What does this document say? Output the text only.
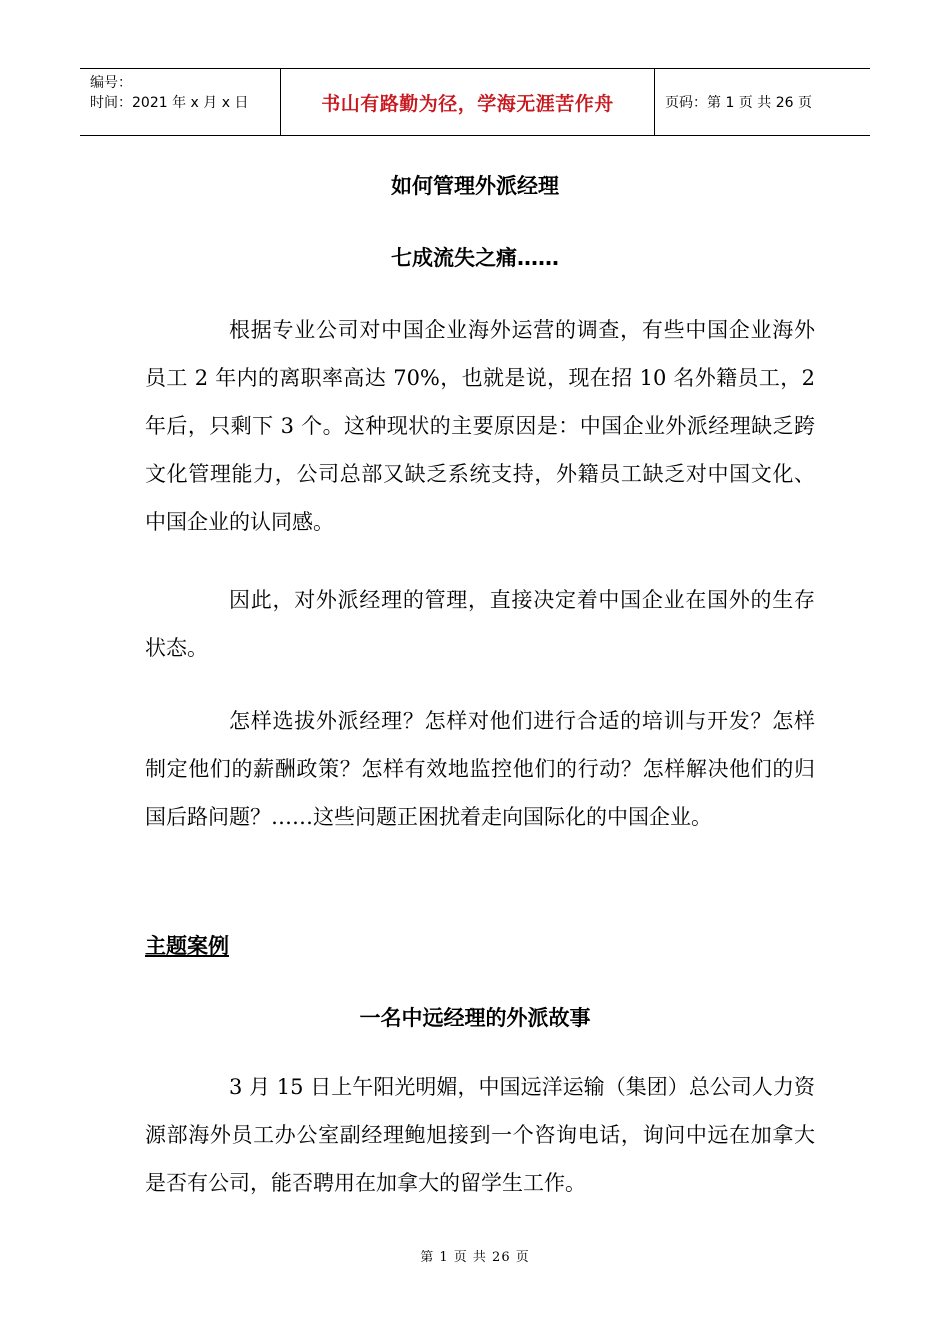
编号：
时间：2021 年 x 月 x 日	书山有路勤为径，学海无涯苦作舟	页码：第 1 页 共 26 页
如何管理外派经理
七成流失之痛……

根据专业公司对中国企业海外运营的调查，有些中国企业海外员工 2 年内的离职率高达 70%，也就是说，现在招 10 名外籍员工，2 年后，只剩下 3 个。这种现状的主要原因是：中国企业外派经理缺乏跨文化管理能力，公司总部又缺乏系统支持，外籍员工缺乏对中国文化、中国企业的认同感。

因此，对外派经理的管理，直接决定着中国企业在国外的生存状态。

怎样选拔外派经理？怎样对他们进行合适的培训与开发？怎样制定他们的薪酬政策？怎样有效地监控他们的行动？怎样解决他们的归国后路问题？……这些问题正困扰着走向国际化的中国企业。

主题案例
一名中远经理的外派故事

3 月 15 日上午阳光明媚，中国远洋运输（集团）总公司人力资源部海外员工办公室副经理鲍旭接到一个咨询电话，询问中远在加拿大是否有公司，能否聘用在加拿大的留学生工作。

第 1 页 共 26 页
